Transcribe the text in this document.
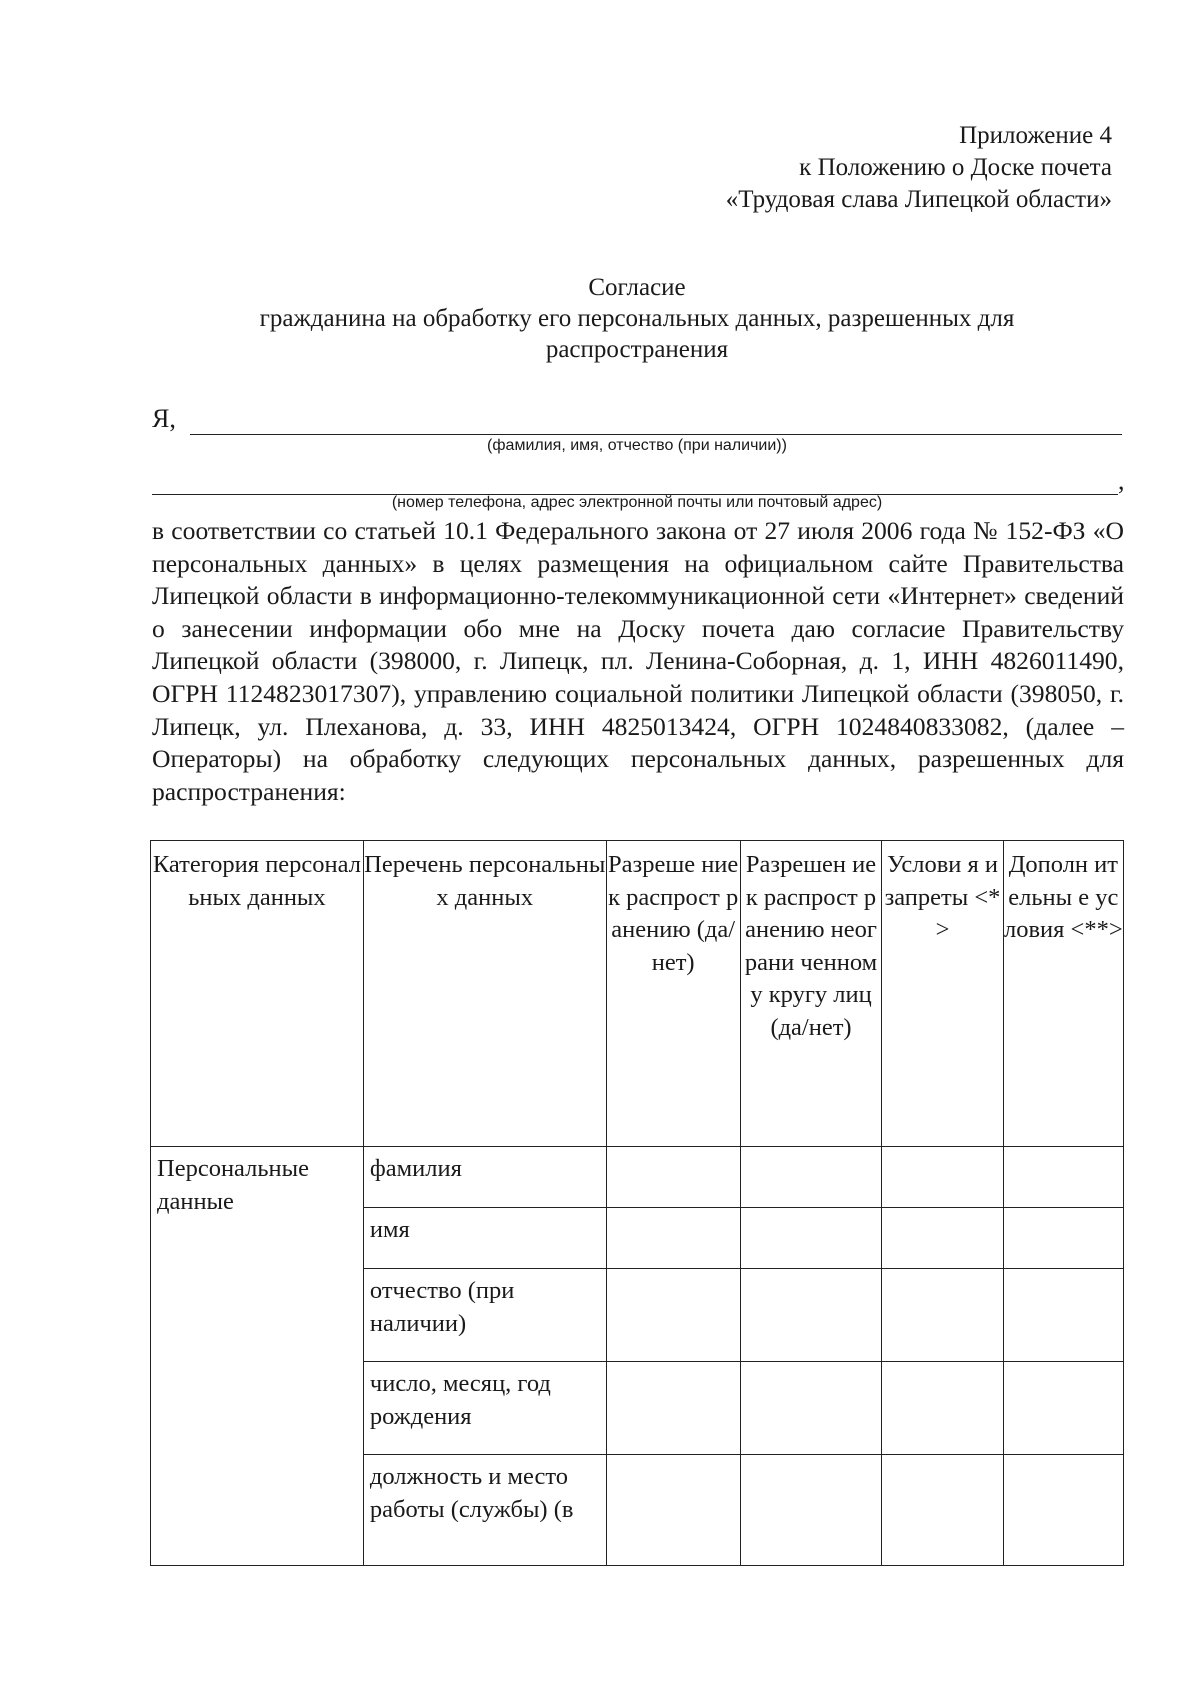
Приложение 4
к Положению о Доске почета
«Трудовая слава Липецкой области»
Согласие
гражданина на обработку его персональных данных, разрешенных для
распространения
Я,
(фамилия, имя, отчество (при наличии))
,
(номер телефона, адрес электронной почты или почтовый адрес)

в соответствии со статьей 10.1 Федерального закона от 27 июля 2006 года № 152-ФЗ «О персональных данных» в целях размещения на официальном сайте Правительства Липецкой области в информационно-телекоммуникационной сети «Интернет» сведений о занесении информации обо мне на Доску почета даю согласие Правительству Липецкой области (398000, г. Липецк, пл. Ленина-Соборная, д. 1, ИНН 4826011490, ОГРН 1124823017307), управлению социальной политики Липецкой области (398050, г. Липецк, ул. Плеханова, д. 33, ИНН 4825013424, ОГРН 1024840833082, (далее – Операторы) на обработку следующих персональных данных, разрешенных для распространения:

Категория персональных данных	Перечень персональных данных	Разреше ние к распрост ранению (да/нет)	Разрешен ие к распрост ранению неограни ченному кругу лиц (да/нет)	Услови я и запреты <*>	Дополн ительны е условия <**>

Персональные данные	фамилия				
	имя				
	отчество (при наличии)				
	число, месяц, год рождения				
	должность и место работы (службы) (в				
